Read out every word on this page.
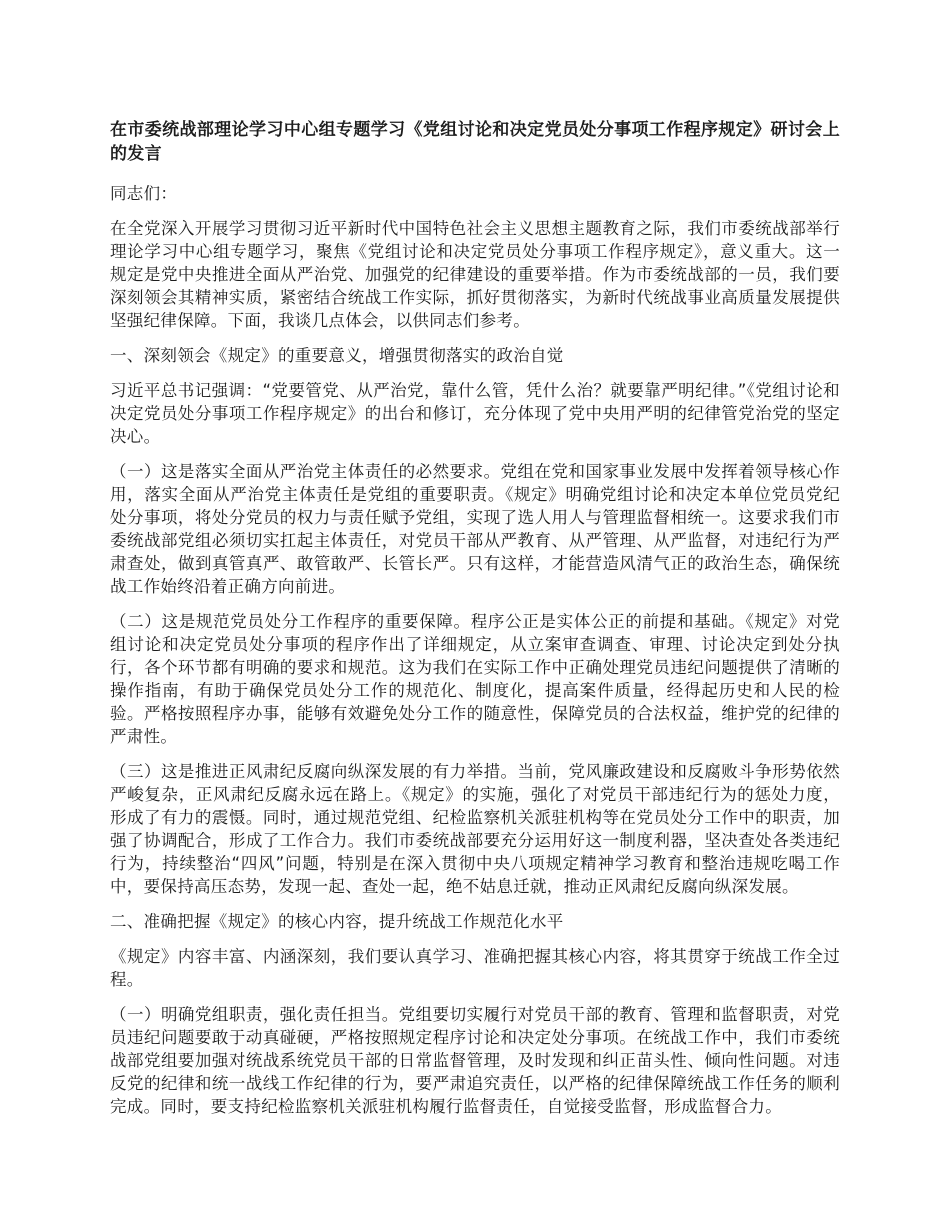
在市委统战部理论学习中心组专题学习《党组讨论和决定党员处分事项工作程序规定》研讨会上的发言
同志们：
在全党深入开展学习贯彻习近平新时代中国特色社会主义思想主题教育之际，我们市委统战部举行理论学习中心组专题学习，聚焦《党组讨论和决定党员处分事项工作程序规定》，意义重大。这一规定是党中央推进全面从严治党、加强党的纪律建设的重要举措。作为市委统战部的一员，我们要深刻领会其精神实质，紧密结合统战工作实际，抓好贯彻落实，为新时代统战事业高质量发展提供坚强纪律保障。下面，我谈几点体会，以供同志们参考。
一、深刻领会《规定》的重要意义，增强贯彻落实的政治自觉
习近平总书记强调：“党要管党、从严治党，靠什么管，凭什么治？就要靠严明纪律。”《党组讨论和决定党员处分事项工作程序规定》的出台和修订，充分体现了党中央用严明的纪律管党治党的坚定决心。
（一）这是落实全面从严治党主体责任的必然要求。党组在党和国家事业发展中发挥着领导核心作用，落实全面从严治党主体责任是党组的重要职责。《规定》明确党组讨论和决定本单位党员党纪处分事项，将处分党员的权力与责任赋予党组，实现了选人用人与管理监督相统一。这要求我们市委统战部党组必须切实扛起主体责任，对党员干部从严教育、从严管理、从严监督，对违纪行为严肃查处，做到真管真严、敢管敢严、长管长严。只有这样，才能营造风清气正的政治生态，确保统战工作始终沿着正确方向前进。
（二）这是规范党员处分工作程序的重要保障。程序公正是实体公正的前提和基础。《规定》对党组讨论和决定党员处分事项的程序作出了详细规定，从立案审查调查、审理、讨论决定到处分执行，各个环节都有明确的要求和规范。这为我们在实际工作中正确处理党员违纪问题提供了清晰的操作指南，有助于确保党员处分工作的规范化、制度化，提高案件质量，经得起历史和人民的检验。严格按照程序办事，能够有效避免处分工作的随意性，保障党员的合法权益，维护党的纪律的严肃性。
（三）这是推进正风肃纪反腐向纵深发展的有力举措。当前，党风廉政建设和反腐败斗争形势依然严峻复杂，正风肃纪反腐永远在路上。《规定》的实施，强化了对党员干部违纪行为的惩处力度，形成了有力的震慑。同时，通过规范党组、纪检监察机关派驻机构等在党员处分工作中的职责，加强了协调配合，形成了工作合力。我们市委统战部要充分运用好这一制度利器，坚决查处各类违纪行为，持续整治“四风”问题，特别是在深入贯彻中央八项规定精神学习教育和整治违规吃喝工作中，要保持高压态势，发现一起、查处一起，绝不姑息迁就，推动正风肃纪反腐向纵深发展。
二、准确把握《规定》的核心内容，提升统战工作规范化水平
《规定》内容丰富、内涵深刻，我们要认真学习、准确把握其核心内容，将其贯穿于统战工作全过程。
（一）明确党组职责，强化责任担当。党组要切实履行对党员干部的教育、管理和监督职责，对党员违纪问题要敢于动真碰硬，严格按照规定程序讨论和决定处分事项。在统战工作中，我们市委统战部党组要加强对统战系统党员干部的日常监督管理，及时发现和纠正苗头性、倾向性问题。对违反党的纪律和统一战线工作纪律的行为，要严肃追究责任，以严格的纪律保障统战工作任务的顺利完成。同时，要支持纪检监察机关派驻机构履行监督责任，自觉接受监督，形成监督合力。
